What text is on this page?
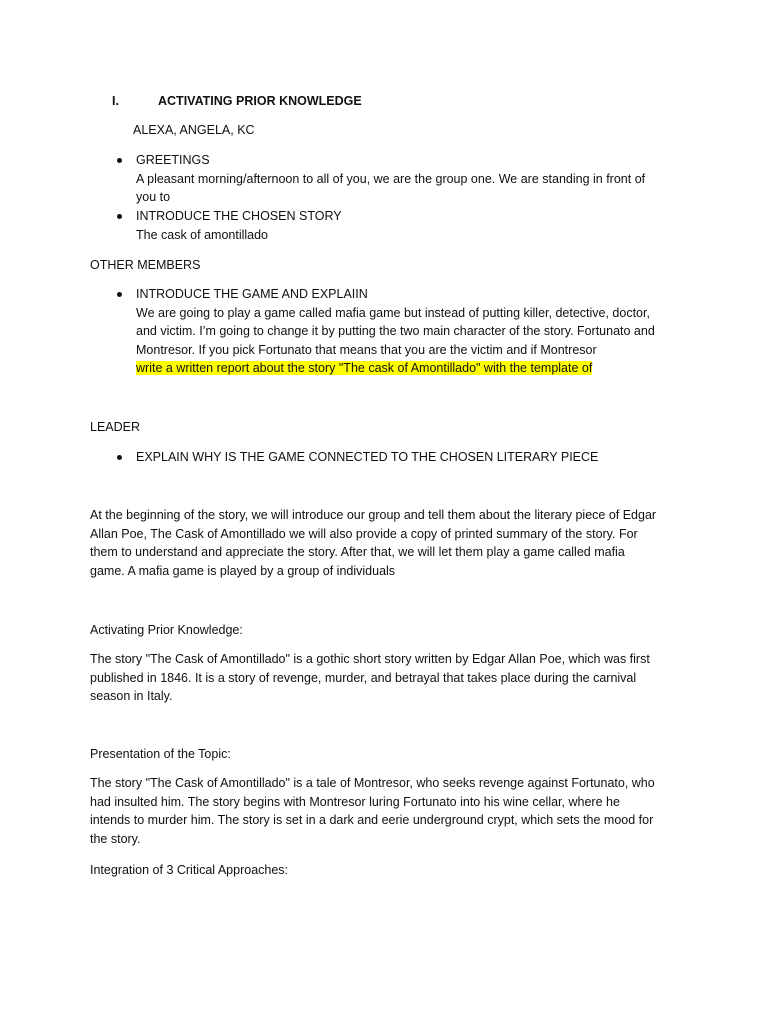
I.	ACTIVATING PRIOR KNOWLEDGE
ALEXA, ANGELA, KC
GREETINGS
A pleasant morning/afternoon to all of you, we are the group one. We are standing in front of
you to
INTRODUCE THE CHOSEN STORY
The cask of amontillado
OTHER MEMBERS
INTRODUCE THE GAME AND EXPLAIIN
We are going to play a game called mafia game but instead of putting killer, detective, doctor,
and victim. I’m going to change it by putting the two main character of the story. Fortunato and
Montresor. If you pick Fortunato that means that you are the victim and if Montresor
write a written report about the story "The cask of Amontillado" with the template of
LEADER
EXPLAIN WHY IS THE GAME CONNECTED TO THE CHOSEN LITERARY PIECE
At the beginning of the story, we will introduce our group and tell them about the literary piece of Edgar
Allan Poe, The Cask of Amontillado we will also provide a copy of printed summary of the story. For
them to understand and appreciate the story. After that, we will let them play a game called mafia
game. A mafia game is played by a group of individuals
Activating Prior Knowledge:
The story "The Cask of Amontillado" is a gothic short story written by Edgar Allan Poe, which was first
published in 1846. It is a story of revenge, murder, and betrayal that takes place during the carnival
season in Italy.
Presentation of the Topic:
The story "The Cask of Amontillado" is a tale of Montresor, who seeks revenge against Fortunato, who
had insulted him. The story begins with Montresor luring Fortunato into his wine cellar, where he
intends to murder him. The story is set in a dark and eerie underground crypt, which sets the mood for
the story.
Integration of 3 Critical Approaches:
